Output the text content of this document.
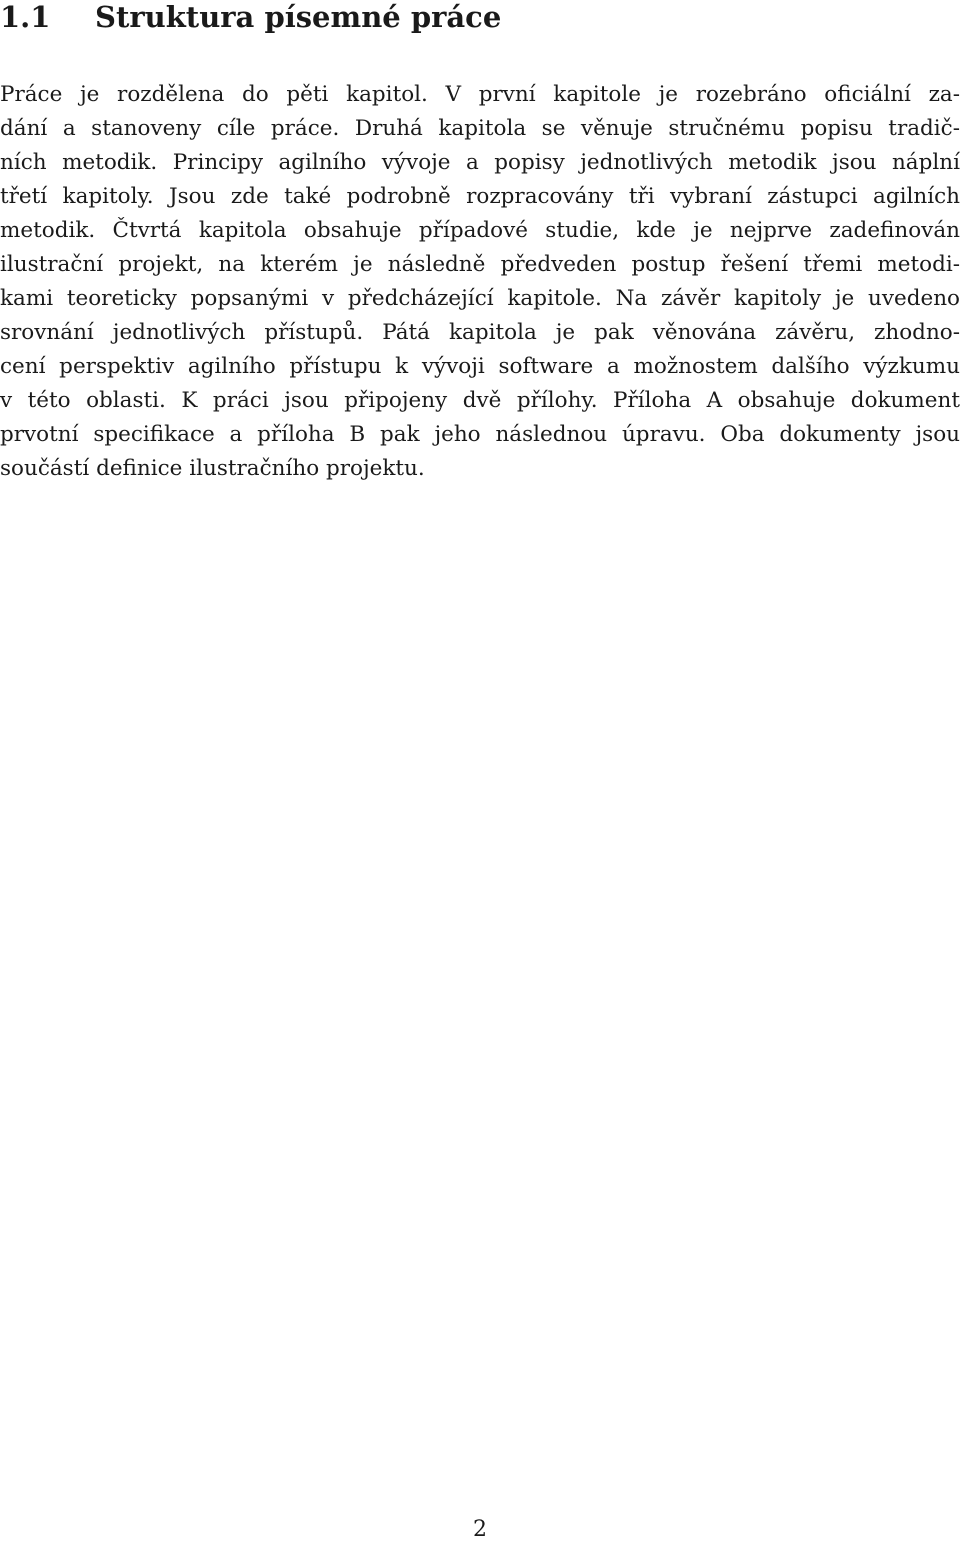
1.1 Struktura písemné práce
Práce je rozdělena do pěti kapitol. V první kapitole je rozebráno oficiální za-
dání a stanoveny cíle práce. Druhá kapitola se věnuje stručnému popisu tradič-
ních metodik. Principy agilního vývoje a popisy jednotlivých metodik jsou náplní
třetí kapitoly. Jsou zde také podrobně rozpracovány tři vybraní zástupci agilních
metodik. Čtvrtá kapitola obsahuje případové studie, kde je nejprve zadefinován
ilustrační projekt, na kterém je následně předveden postup řešení třemi metodi-
kami teoreticky popsanými v předcházející kapitole. Na závěr kapitoly je uvedeno
srovnání jednotlivých přístupů. Pátá kapitola je pak věnována závěru, zhodno-
cení perspektiv agilního přístupu k vývoji software a možnostem dalšího výzkumu
v této oblasti. K práci jsou připojeny dvě přílohy. Příloha A obsahuje dokument
prvotní specifikace a příloha B pak jeho následnou úpravu. Oba dokumenty jsou
součástí definice ilustračního projektu.
2
